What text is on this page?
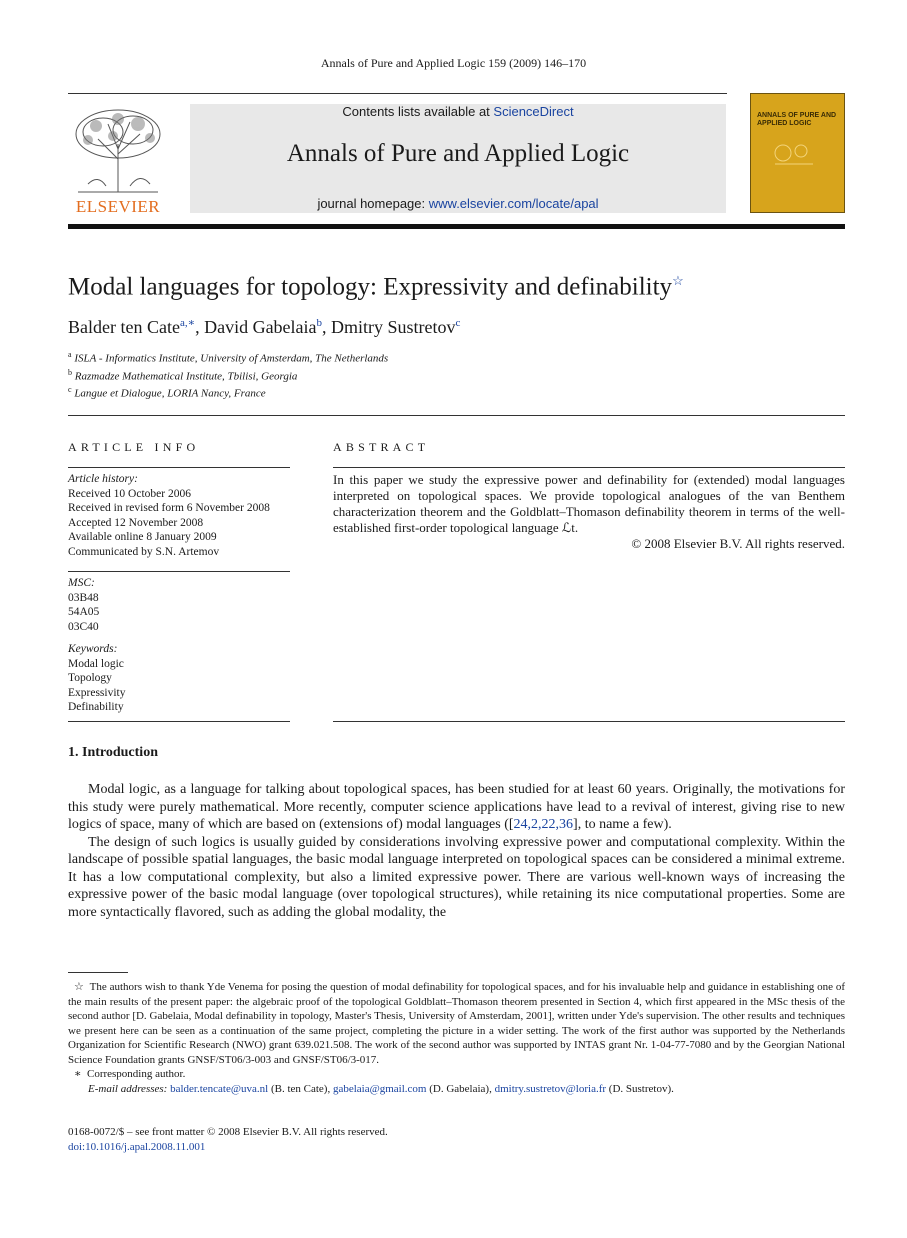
Annals of Pure and Applied Logic 159 (2009) 146–170
ELSEVIER
Contents lists available at ScienceDirect
Annals of Pure and Applied Logic
journal homepage: www.elsevier.com/locate/apal
ANNALS OF PURE AND APPLIED LOGIC
Modal languages for topology: Expressivity and definability☆
Balder ten Cate$^{a,∗}$, David Gabelaia$^b$, Dmitry Sustretov$^c$
$^a$ ISLA - Informatics Institute, University of Amsterdam, The Netherlands
$^b$ Razmadze Mathematical Institute, Tbilisi, Georgia
$^c$ Langue et Dialogue, LORIA Nancy, France
ARTICLE INFO
Article history:
Received 10 October 2006
Received in revised form 6 November 2008
Accepted 12 November 2008
Available online 8 January 2009
Communicated by S.N. Artemov
MSC:
03B48
54A05
03C40
Keywords:
Modal logic
Topology
Expressivity
Definability
ABSTRACT
In this paper we study the expressive power and definability for (extended) modal languages interpreted on topological spaces. We provide topological analogues of the van Benthem characterization theorem and the Goldblatt–Thomason definability theorem in terms of the well-established first-order topological language ℒt.
© 2008 Elsevier B.V. All rights reserved.
1. Introduction

Modal logic, as a language for talking about topological spaces, has been studied for at least 60 years. Originally, the motivations for this study were purely mathematical. More recently, computer science applications have lead to a revival of interest, giving rise to new logics of space, many of which are based on (extensions of) modal languages ([24,2,22,36], to name a few).

The design of such logics is usually guided by considerations involving expressive power and computational complexity. Within the landscape of possible spatial languages, the basic modal language interpreted on topological spaces can be considered a minimal extreme. It has a low computational complexity, but also a limited expressive power. There are various well-known ways of increasing the expressive power of the basic modal language (over topological structures), while retaining its nice computational properties. Some are more syntactically flavored, such as adding the global modality, the

☆ The authors wish to thank Yde Venema for posing the question of modal definability for topological spaces, and for his invaluable help and guidance in establishing one of the main results of the present paper: the algebraic proof of the topological Goldblatt–Thomason theorem presented in Section 4, which first appeared in the MSc thesis of the second author [D. Gabelaia, Modal definability in topology, Master's Thesis, University of Amsterdam, 2001], written under Yde's supervision. The other results and techniques we present here can be seen as a continuation of the same project, completing the picture in a wider setting. The work of the first author was supported by the Netherlands Organization for Scientific Research (NWO) grant 639.021.508. The work of the second author was supported by INTAS grant Nr. 1-04-77-7080 and by the Georgian National Science Foundation grants GNSF/ST06/3-003 and GNSF/ST06/3-017.

∗ Corresponding author.

E-mail addresses: balder.tencate@uva.nl (B. ten Cate), gabelaia@gmail.com (D. Gabelaia), dmitry.sustretov@loria.fr (D. Sustretov).

0168-0072/$ – see front matter © 2008 Elsevier B.V. All rights reserved.
doi:10.1016/j.apal.2008.11.001
